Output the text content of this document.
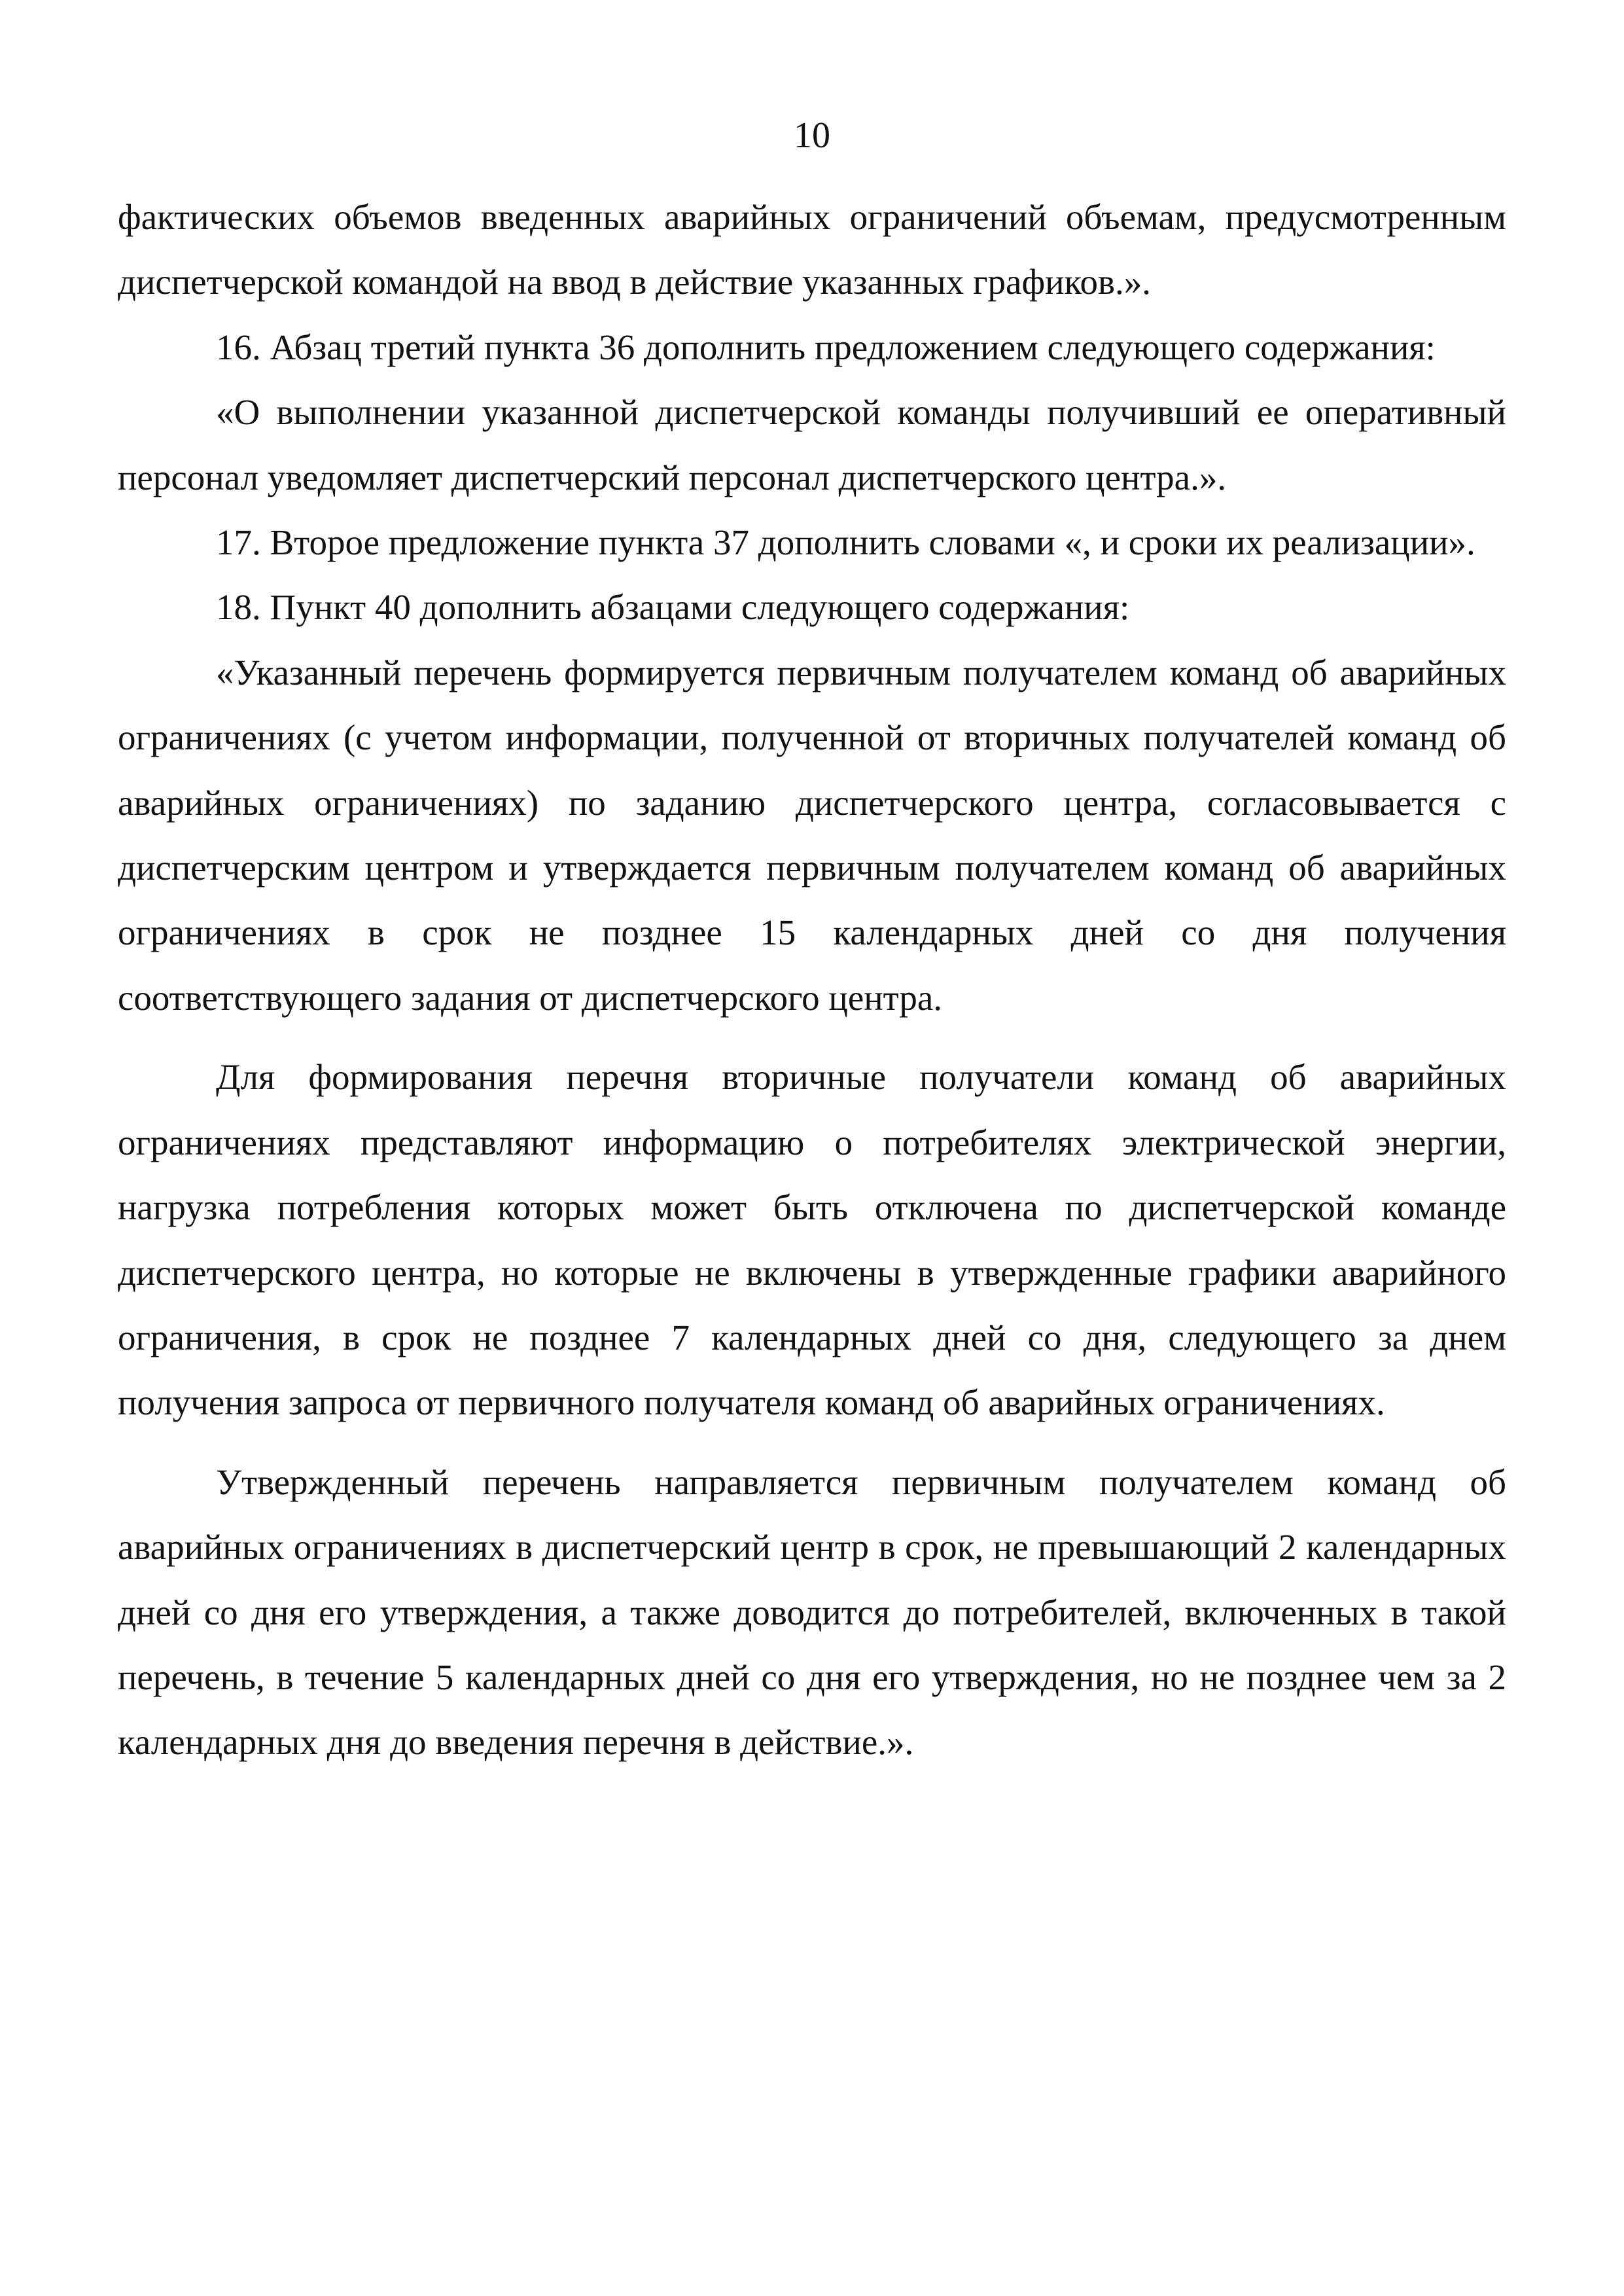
10

фактических объемов введенных аварийных ограничений объемам, предусмотренным диспетчерской командой на ввод в действие указанных графиков.».

16. Абзац третий пункта 36 дополнить предложением следующего содержания:

«О выполнении указанной диспетчерской команды получивший ее оперативный персонал уведомляет диспетчерский персонал диспетчерского центра.».

17. Второе предложение пункта 37 дополнить словами «, и сроки их реализации».

18. Пункт 40 дополнить абзацами следующего содержания:

«Указанный перечень формируется первичным получателем команд об аварийных ограничениях (с учетом информации, полученной от вторичных получателей команд об аварийных ограничениях) по заданию диспетчерского центра, согласовывается с диспетчерским центром и утверждается первичным получателем команд об аварийных ограничениях в срок не позднее 15 календарных дней со дня получения соответствующего задания от диспетчерского центра.

Для формирования перечня вторичные получатели команд об аварийных ограничениях представляют информацию о потребителях электрической энергии, нагрузка потребления которых может быть отключена по диспетчерской команде диспетчерского центра, но которые не включены в утвержденные графики аварийного ограничения, в срок не позднее 7 календарных дней со дня, следующего за днем получения запроса от первичного получателя команд об аварийных ограничениях.

Утвержденный перечень направляется первичным получателем команд об аварийных ограничениях в диспетчерский центр в срок, не превышающий 2 календарных дней со дня его утверждения, а также доводится до потребителей, включенных в такой перечень, в течение 5 календарных дней со дня его утверждения, но не позднее чем за 2 календарных дня до введения перечня в действие.».
